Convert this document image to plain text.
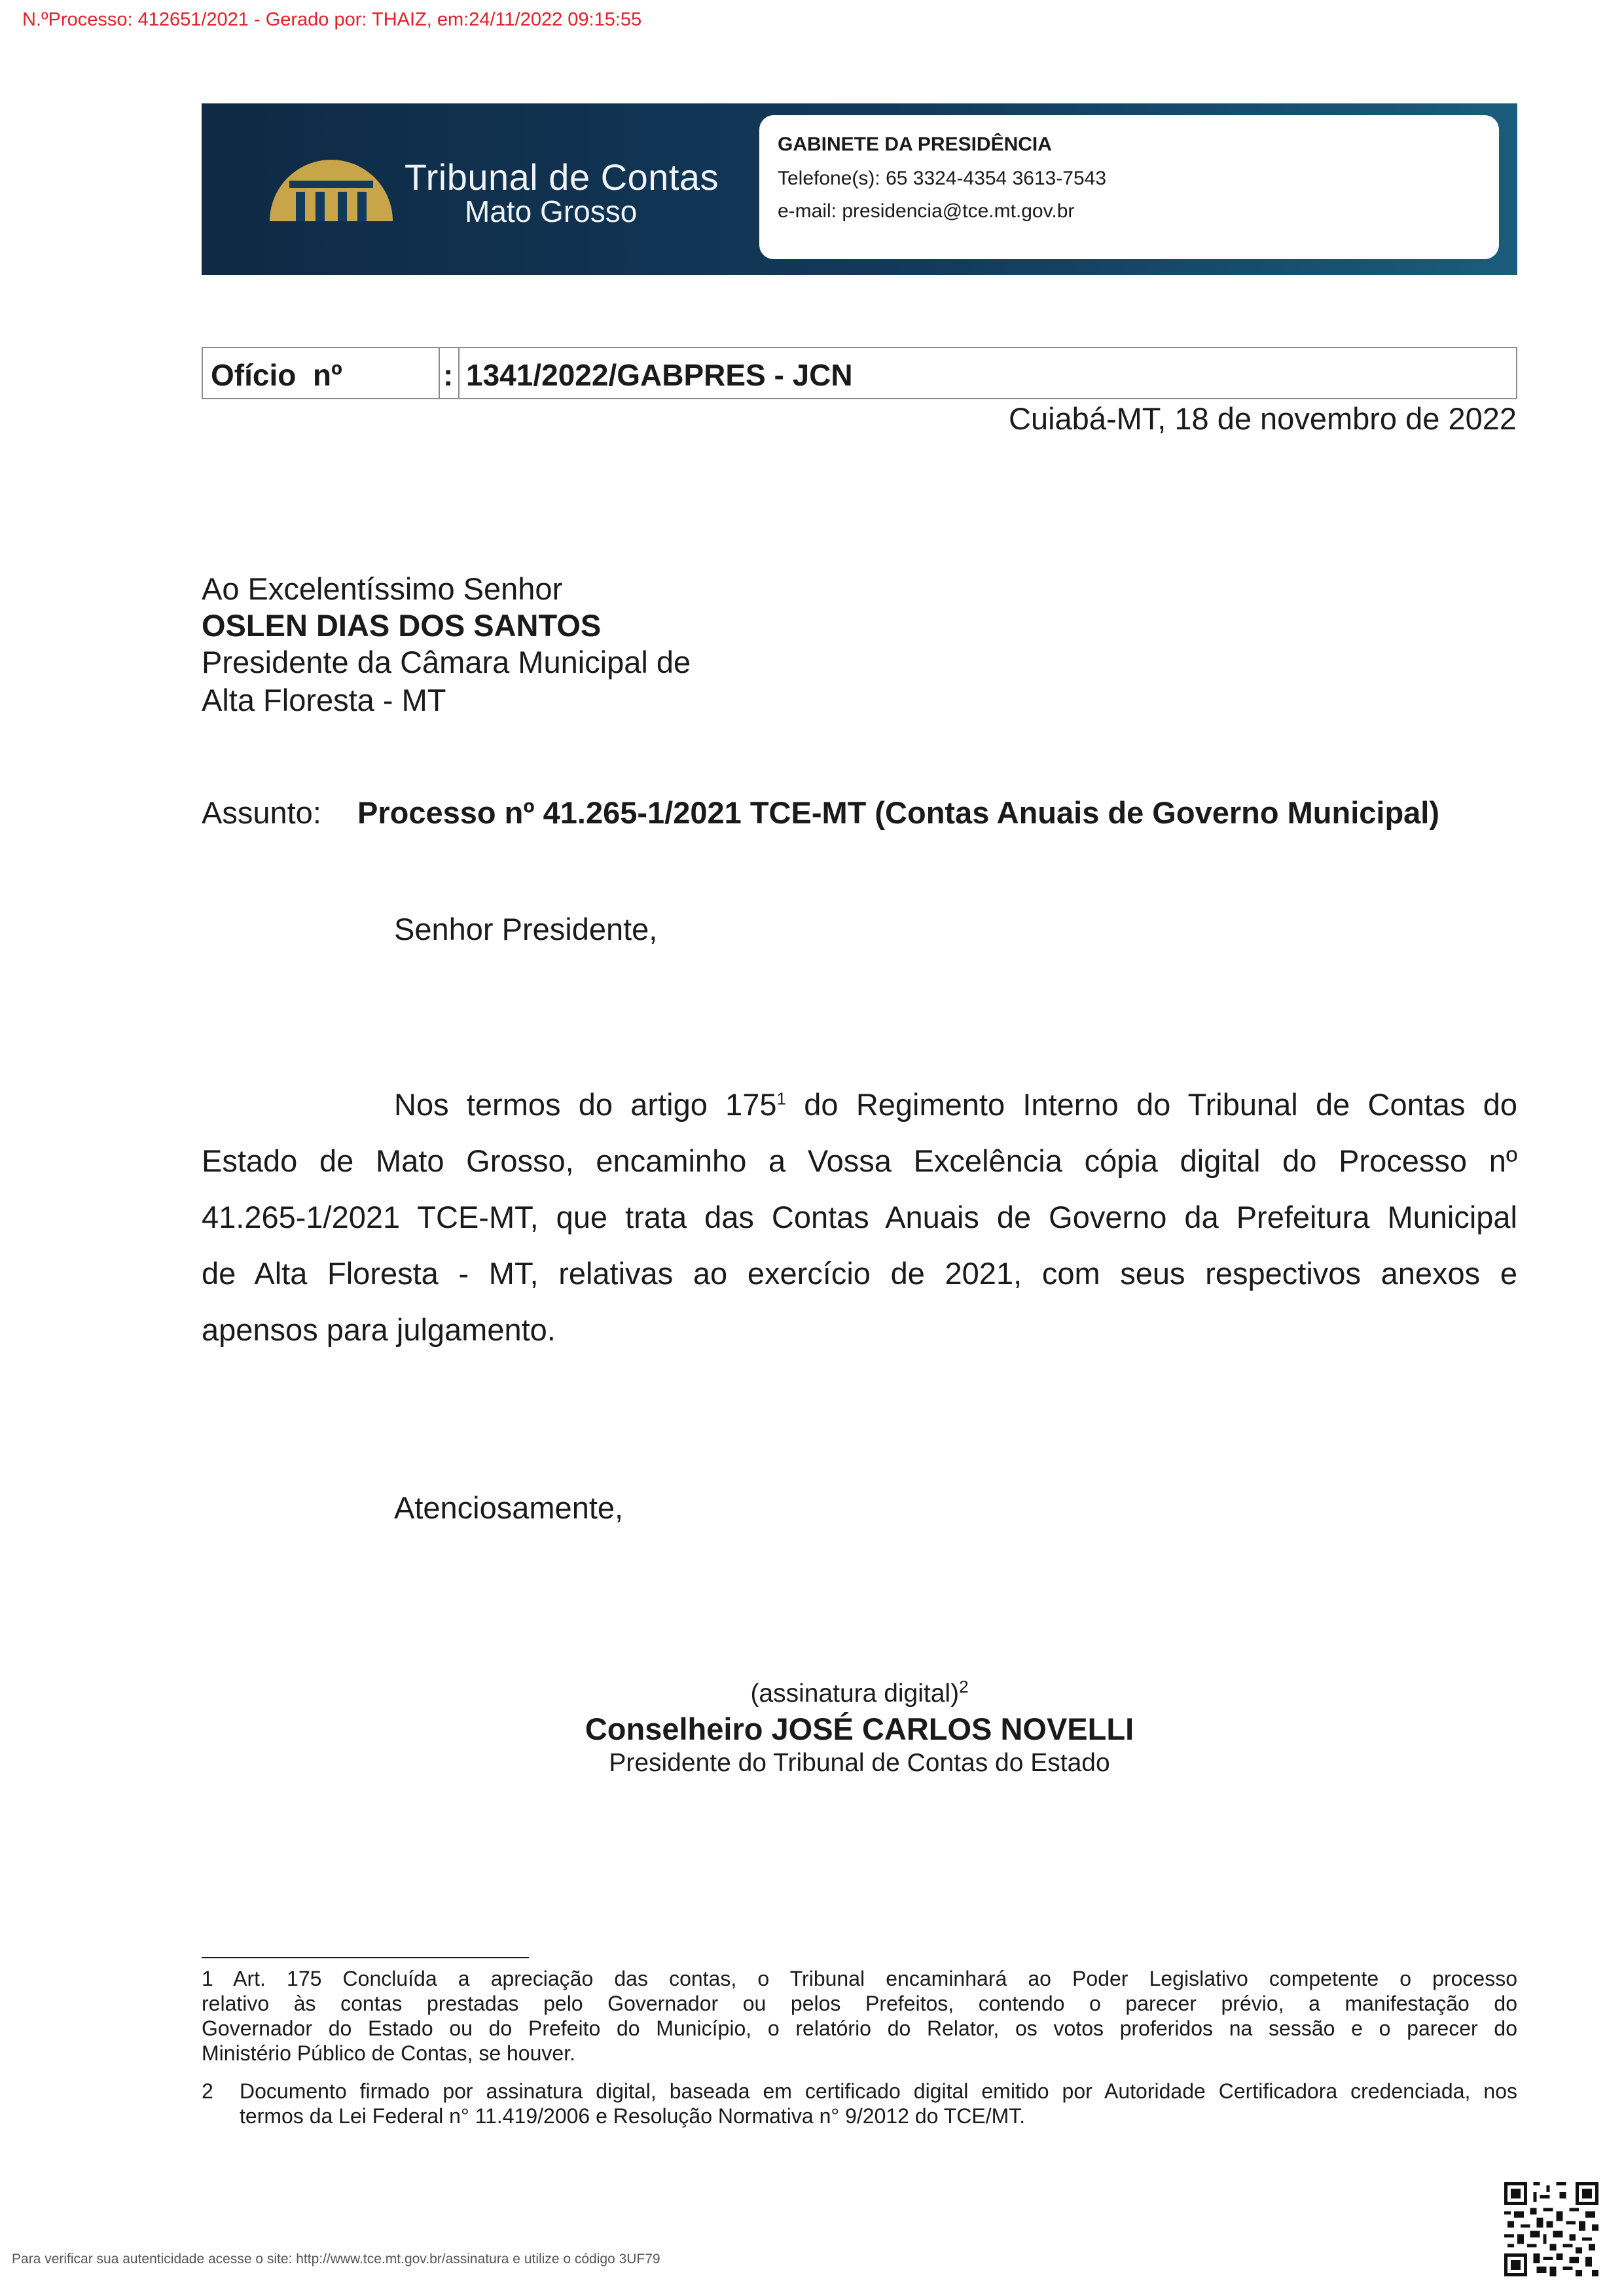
N.ºProcesso: 412651/2021 - Gerado por: THAIZ, em:24/11/2022 09:15:55
Tribunal de Contas
Mato Grosso
GABINETE DA PRESIDÊNCIA
Telefone(s): 65 3324-4354 3613-7543
e-mail: presidencia@tce.mt.gov.br
Ofício  nº	: 1341/2022/GABPRES - JCN
Cuiabá-MT, 18 de novembro de 2022
Ao Excelentíssimo Senhor
OSLEN DIAS DOS SANTOS
Presidente da Câmara Municipal de
Alta Floresta - MT
Assunto: Processo nº 41.265-1/2021 TCE-MT (Contas Anuais de Governo Municipal)
Senhor Presidente,
Nos termos do artigo $175^1$ do Regimento Interno do Tribunal de Contas do
Estado de Mato Grosso, encaminho a Vossa Excelência cópia digital do Processo nº
41.265-1/2021 TCE-MT, que trata das Contas Anuais de Governo da Prefeitura Municipal
de Alta Floresta - MT, relativas ao exercício de 2021, com seus respectivos anexos e
apensos para julgamento.
Atenciosamente,
(assinatura digital)$^2$
Conselheiro JOSÉ CARLOS NOVELLI
Presidente do Tribunal de Contas do Estado
1 Art. 175 Concluída a apreciação das contas, o Tribunal encaminhará ao Poder Legislativo competente o processo
relativo às contas prestadas pelo Governador ou pelos Prefeitos, contendo o parecer prévio, a manifestação do
Governador do Estado ou do Prefeito do Município, o relatório do Relator, os votos proferidos na sessão e o parecer do
Ministério Público de Contas, se houver.
2 Documento firmado por assinatura digital, baseada em certificado digital emitido por Autoridade Certificadora credenciada, nos
termos da Lei Federal n° 11.419/2006 e Resolução Normativa n° 9/2012 do TCE/MT.
Para verificar sua autenticidade acesse o site: http://www.tce.mt.gov.br/assinatura e utilize o código 3UF79
